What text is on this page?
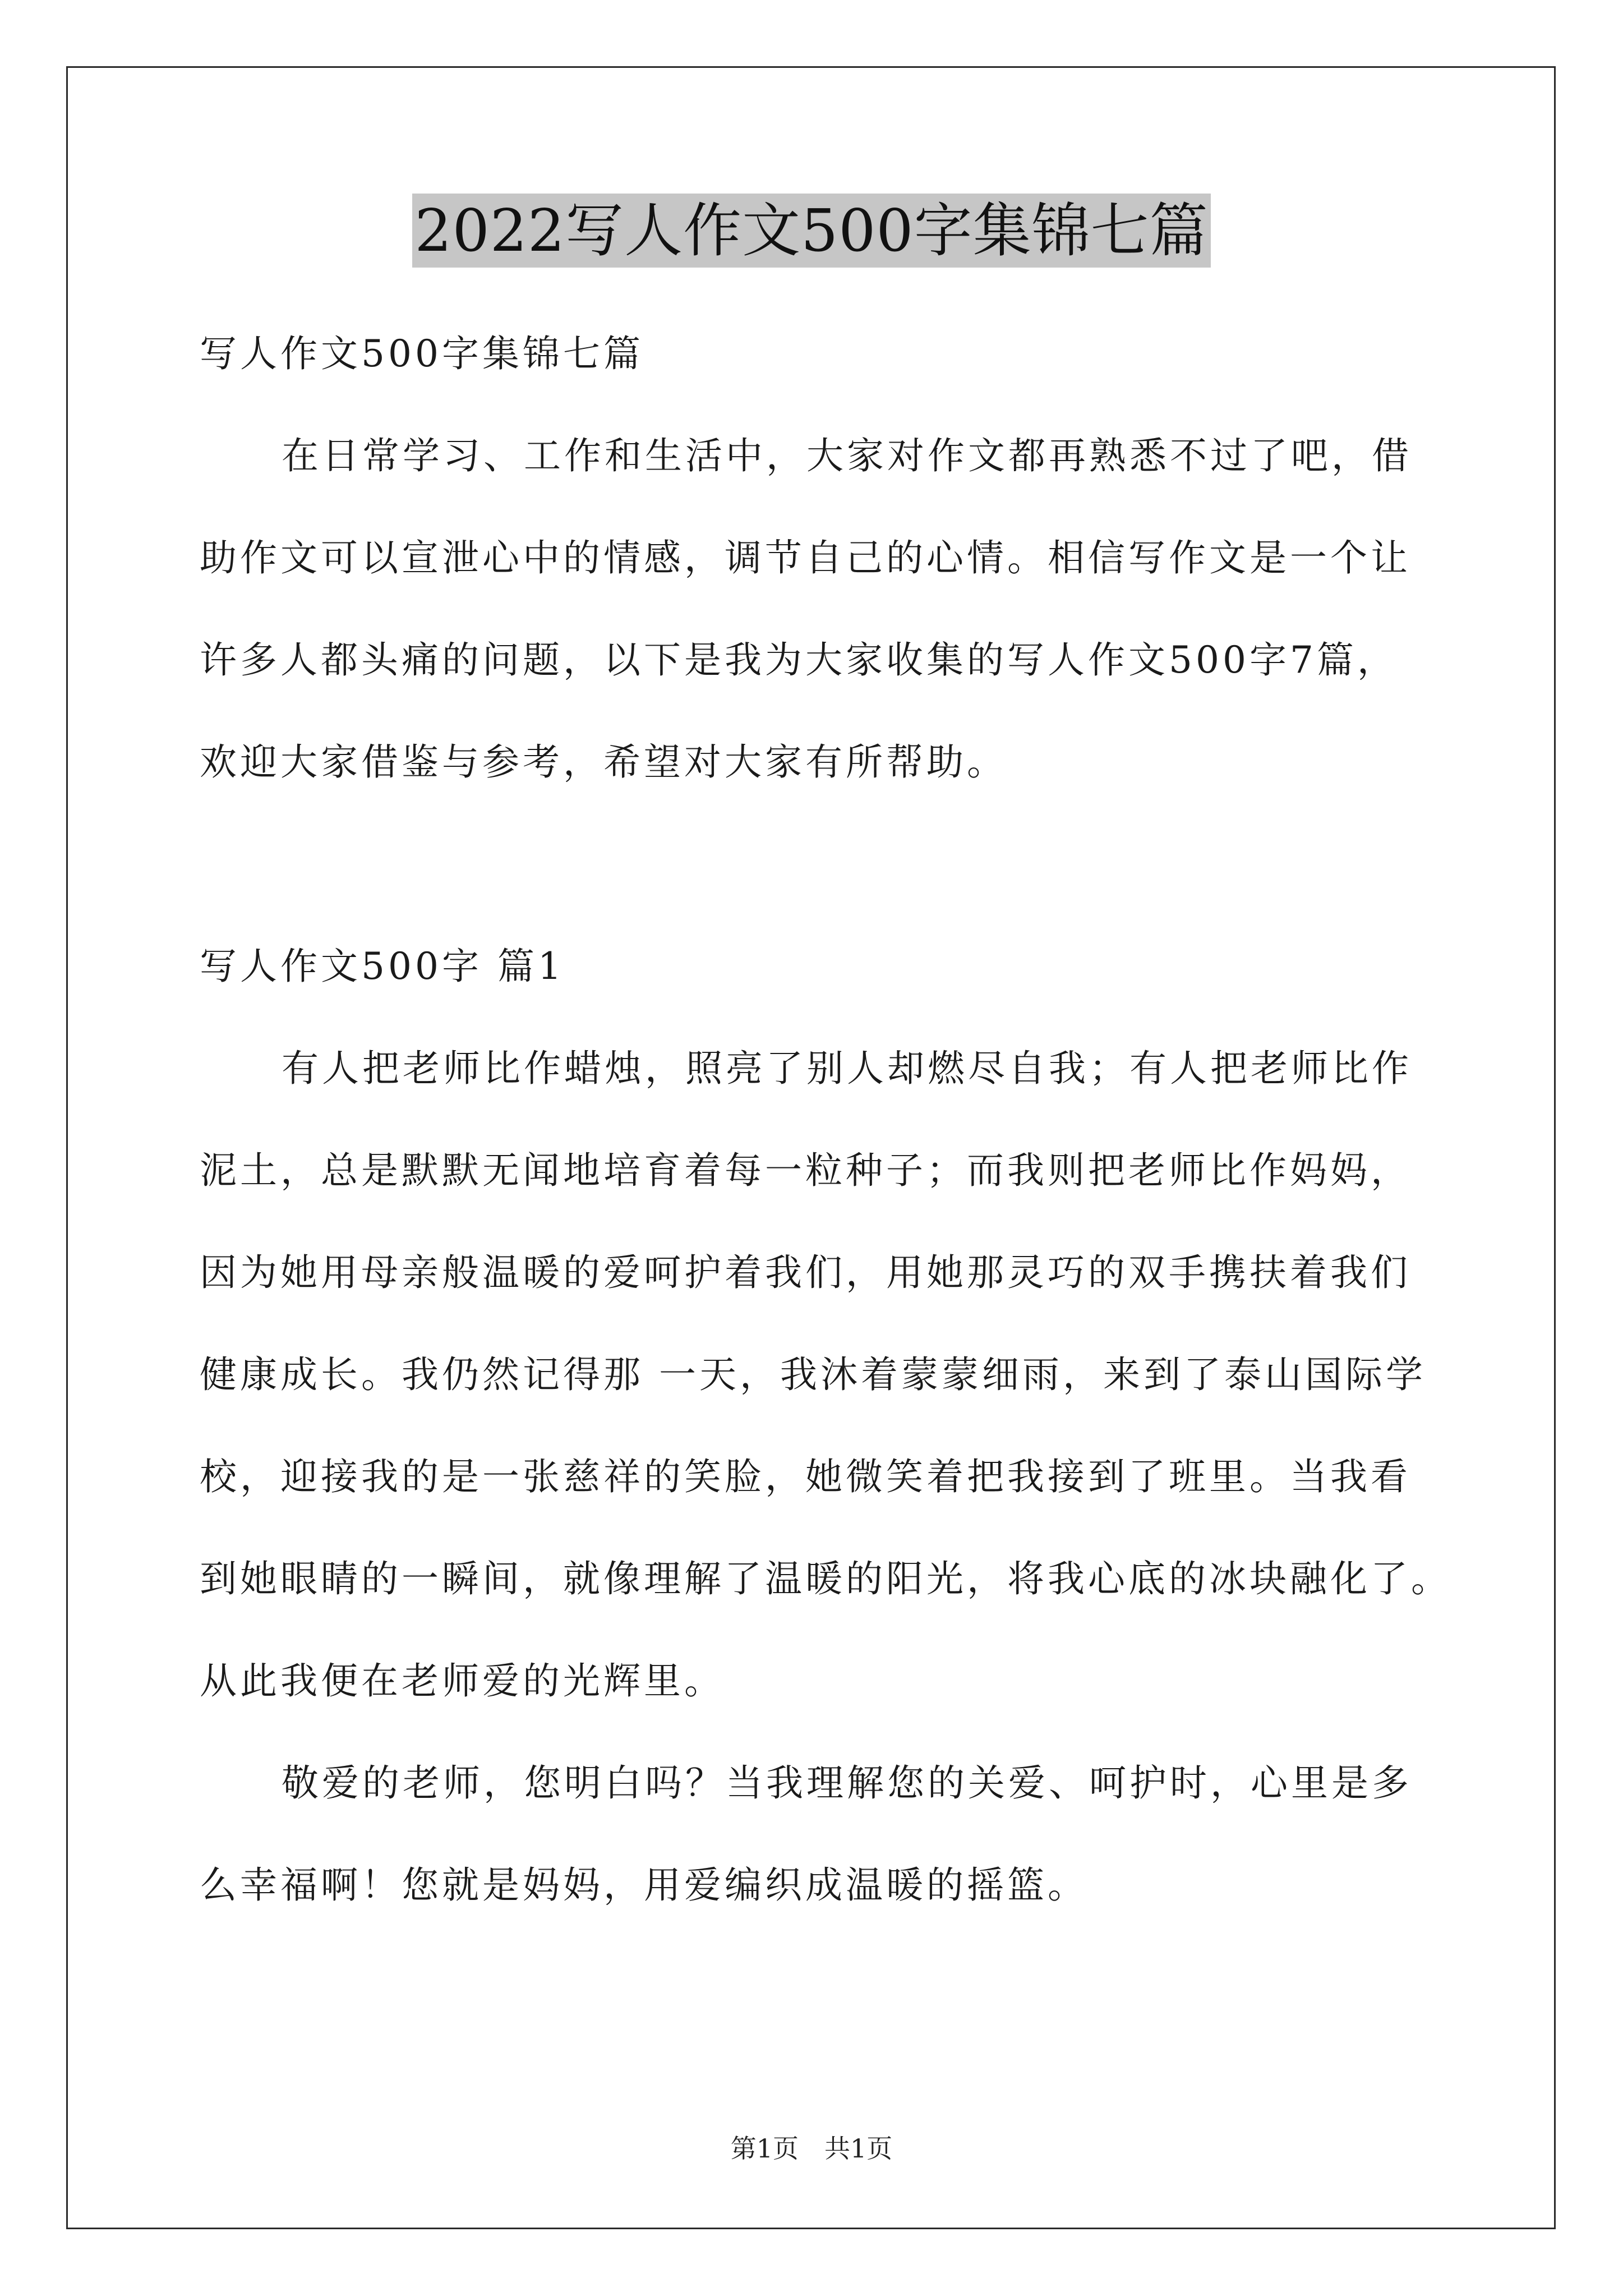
2022写人作文500字集锦七篇
写人作文500字集锦七篇
在日常学习、工作和生活中，大家对作文都再熟悉不过了吧，借
助作文可以宣泄心中的情感，调节自己的心情。相信写作文是一个让
许多人都头痛的问题，以下是我为大家收集的写人作文500字7篇，
欢迎大家借鉴与参考，希望对大家有所帮助。
写人作文500字 篇1
有人把老师比作蜡烛，照亮了别人却燃尽自我；有人把老师比作
泥土，总是默默无闻地培育着每一粒种子；而我则把老师比作妈妈，
因为她用母亲般温暖的爱呵护着我们，用她那灵巧的双手携扶着我们
健康成长。我仍然记得那 一天，我沐着蒙蒙细雨，来到了泰山国际学
校，迎接我的是一张慈祥的笑脸，她微笑着把我接到了班里。当我看
到她眼睛的一瞬间，就像理解了温暖的阳光，将我心底的冰块融化了。
从此我便在老师爱的光辉里。
敬爱的老师，您明白吗？当我理解您的关爱、呵护时，心里是多
么幸福啊！您就是妈妈，用爱编织成温暖的摇篮。
第1页　共1页
